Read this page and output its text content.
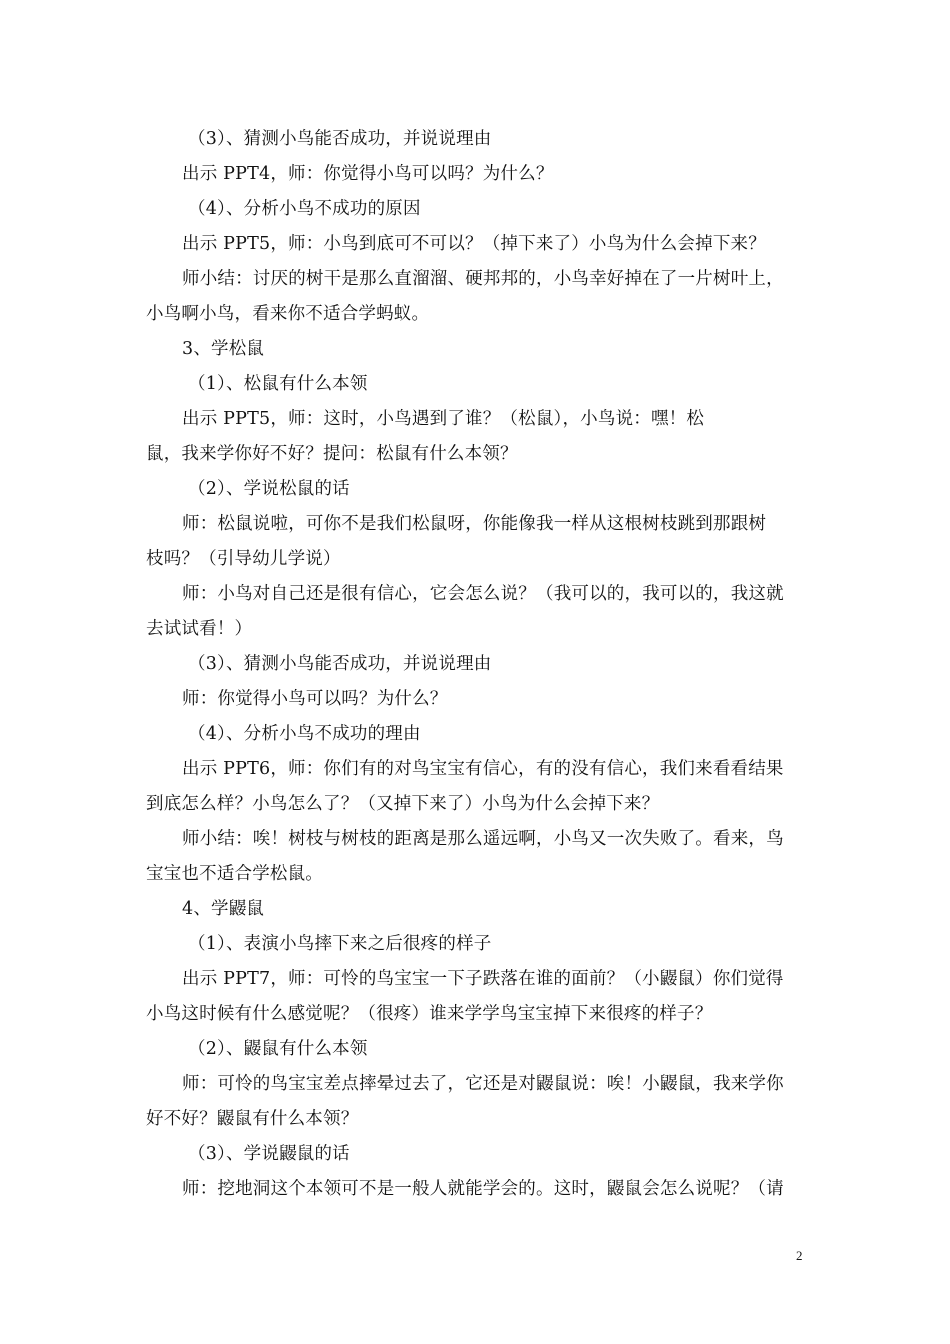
（3）、猜测小鸟能否成功，并说说理由
出示 PPT4，师：你觉得小鸟可以吗？为什么？
（4）、分析小鸟不成功的原因
出示 PPT5，师：小鸟到底可不可以？（掉下来了）小鸟为什么会掉下来？
师小结：讨厌的树干是那么直溜溜、硬邦邦的，小鸟幸好掉在了一片树叶上，
小鸟啊小鸟，看来你不适合学蚂蚁。
3、学松鼠
（1）、松鼠有什么本领
出示 PPT5，师：这时，小鸟遇到了谁？（松鼠），小鸟说：嘿！松
鼠，我来学你好不好？提问：松鼠有什么本领？
（2）、学说松鼠的话
师：松鼠说啦，可你不是我们松鼠呀，你能像我一样从这根树枝跳到那跟树
枝吗？（引导幼儿学说）
师：小鸟对自己还是很有信心，它会怎么说？（我可以的，我可以的，我这就
去试试看！）
（3）、猜测小鸟能否成功，并说说理由
师：你觉得小鸟可以吗？为什么？
（4）、分析小鸟不成功的理由
出示 PPT6，师：你们有的对鸟宝宝有信心，有的没有信心，我们来看看结果
到底怎么样？小鸟怎么了？（又掉下来了）小鸟为什么会掉下来？
师小结：唉！树枝与树枝的距离是那么遥远啊，小鸟又一次失败了。看来，鸟
宝宝也不适合学松鼠。
4、学鼹鼠
（1）、表演小鸟摔下来之后很疼的样子
出示 PPT7，师：可怜的鸟宝宝一下子跌落在谁的面前？（小鼹鼠）你们觉得
小鸟这时候有什么感觉呢？（很疼）谁来学学鸟宝宝掉下来很疼的样子？
（2）、鼹鼠有什么本领
师：可怜的鸟宝宝差点摔晕过去了，它还是对鼹鼠说：唉！小鼹鼠，我来学你
好不好？鼹鼠有什么本领？
（3）、学说鼹鼠的话
师：挖地洞这个本领可不是一般人就能学会的。这时，鼹鼠会怎么说呢？（请
2
